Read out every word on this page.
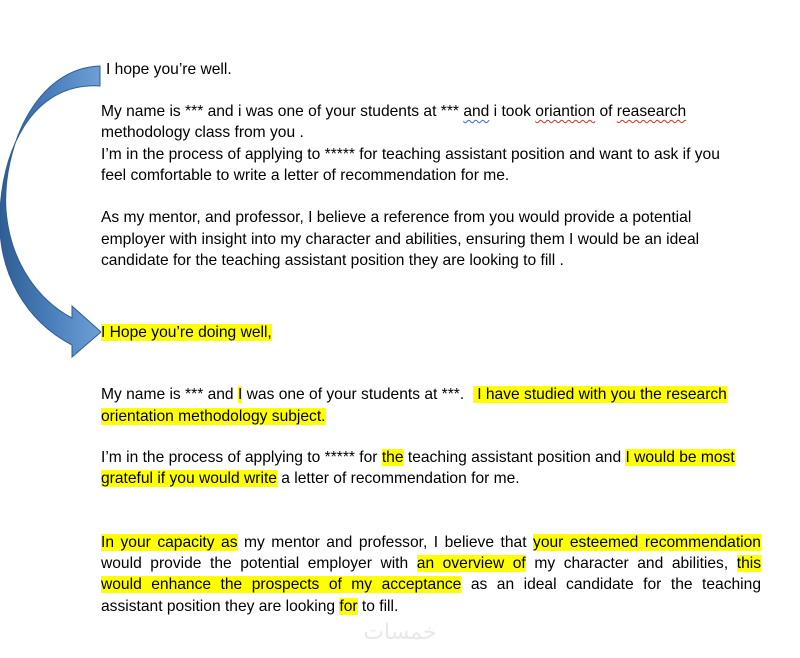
I hope you’re well.
My name is *** and i was one of your students at *** and i took oriantion of reasearch
methodology class from you .
I’m in the process of applying to ***** for teaching assistant position and want to ask if you
feel comfortable to write a letter of recommendation for me.
As my mentor, and professor, I believe a reference from you would provide a potential
employer with insight into my character and abilities, ensuring them I would be an ideal
candidate for the teaching assistant position they are looking to fill .
I Hope you’re doing well,
My name is *** and I was one of your students at ***.   I have studied with you the research
orientation methodology subject.
I’m in the process of applying to ***** for the teaching assistant position and I would be most
grateful if you would write a letter of recommendation for me.
In your capacity as my mentor and professor, I believe that your esteemed recommendation
would provide the potential employer with an overview of my character and abilities, this
would enhance the prospects of my acceptance as an ideal candidate for the teaching
assistant position they are looking for to fill.
خمسات
